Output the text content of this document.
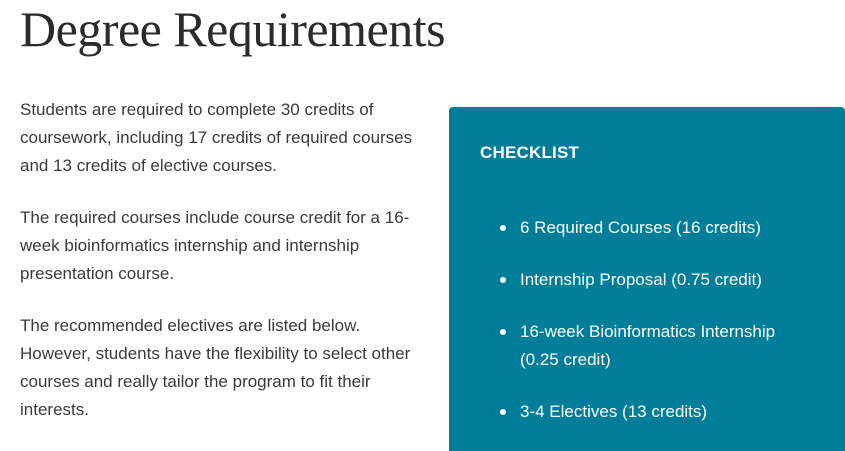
Degree Requirements

Students are required to complete 30 credits of coursework, including 17 credits of required courses and 13 credits of elective courses.

The required courses include course credit for a 16-week bioinformatics internship and internship presentation course.

The recommended electives are listed below. However, students have the flexibility to select other courses and really tailor the program to fit their interests.

CHECKLIST
6 Required Courses (16 credits)
Internship Proposal (0.75 credit)
16-week Bioinformatics Internship (0.25 credit)
3-4 Electives (13 credits)
